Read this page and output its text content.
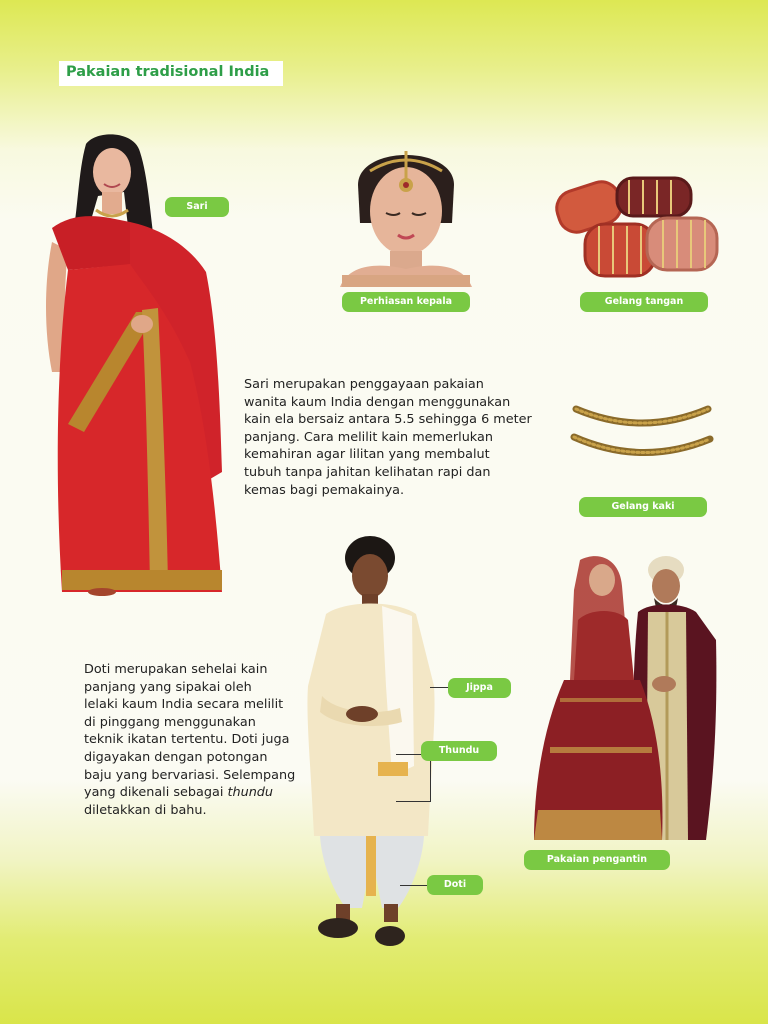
Pakaian tradisional India
Sari
Perhiasan kepala	Gelang tangan

Sari merupakan penggayaan pakaian
wanita kaum India dengan menggunakan
kain ela bersaiz antara 5.5 sehingga 6 meter
panjang. Cara melilit kain memerlukan
kemahiran agar lilitan yang membalut
tubuh tanpa jahitan kelihatan rapi dan
kemas bagi pemakainya.

Gelang kaki
Jippa
Thundu
Doti

Doti merupakan sehelai kain
panjang yang sipakai oleh
lelaki kaum India secara melilit
di pinggang menggunakan
teknik ikatan tertentu. Doti juga
digayakan dengan potongan
baju yang bervariasi. Selempang
yang dikenali sebagai thundu
diletakkan di bahu.

Pakaian pengantin
